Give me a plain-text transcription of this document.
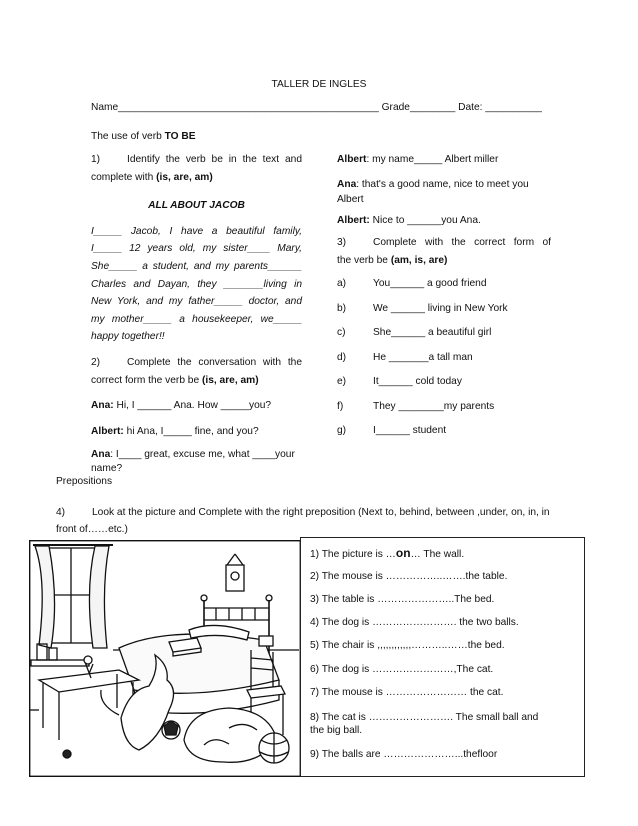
TALLER DE INGLES
Name______________________________________________ Grade________ Date: __________
The use of verb TO BE
1)	Identify the verb be in the text and complete with (is, are, am)
ALL ABOUT JACOB
I_____ Jacob, I have a beautiful family,
I_____ 12 years old, my sister____ Mary,
She_____ a student, and my parents______
Charles and Dayan, they _______living in
New York, and my father_____ doctor, and
my mother_____ a housekeeper, we_____
happy together!!
2)	Complete the conversation with the
correct form the verb be (is, are, am)
Ana: Hi, I ______ Ana. How _____you?
Albert: hi Ana, I_____ fine, and you?
Ana: I____ great, excuse me, what ____your
name?
Albert: my name_____ Albert miller
Ana: that's a good name, nice to meet you
Albert
Albert: Nice to ______you Ana.
3)	Complete with the correct form of
the verb be (am, is, are)
a)	You______ a good friend
b)	We ______ living in New York
c)	She______ a beautiful girl
d)	He _______a tall man
e)	It______ cold today
f)	They ________my parents
g)	I______ student
Prepositions
4)	Look at the picture and Complete with the right preposition (Next to, behind, between ,under, on, in, in
front of……etc.)
1) The picture is …on… The wall.
2) The mouse is ……………..…….the table.
3) The table is …………………..The bed.
4) The dog is ……………………. the two balls.
5) The chair is ,,,,,,,,,,,,………..……the bed.
6) The dog is ……………………,The cat.
7) The mouse is …………………… the cat.
8) The cat is ……………………. The small ball and
the big ball.
9) The balls are …………………...thefloor
